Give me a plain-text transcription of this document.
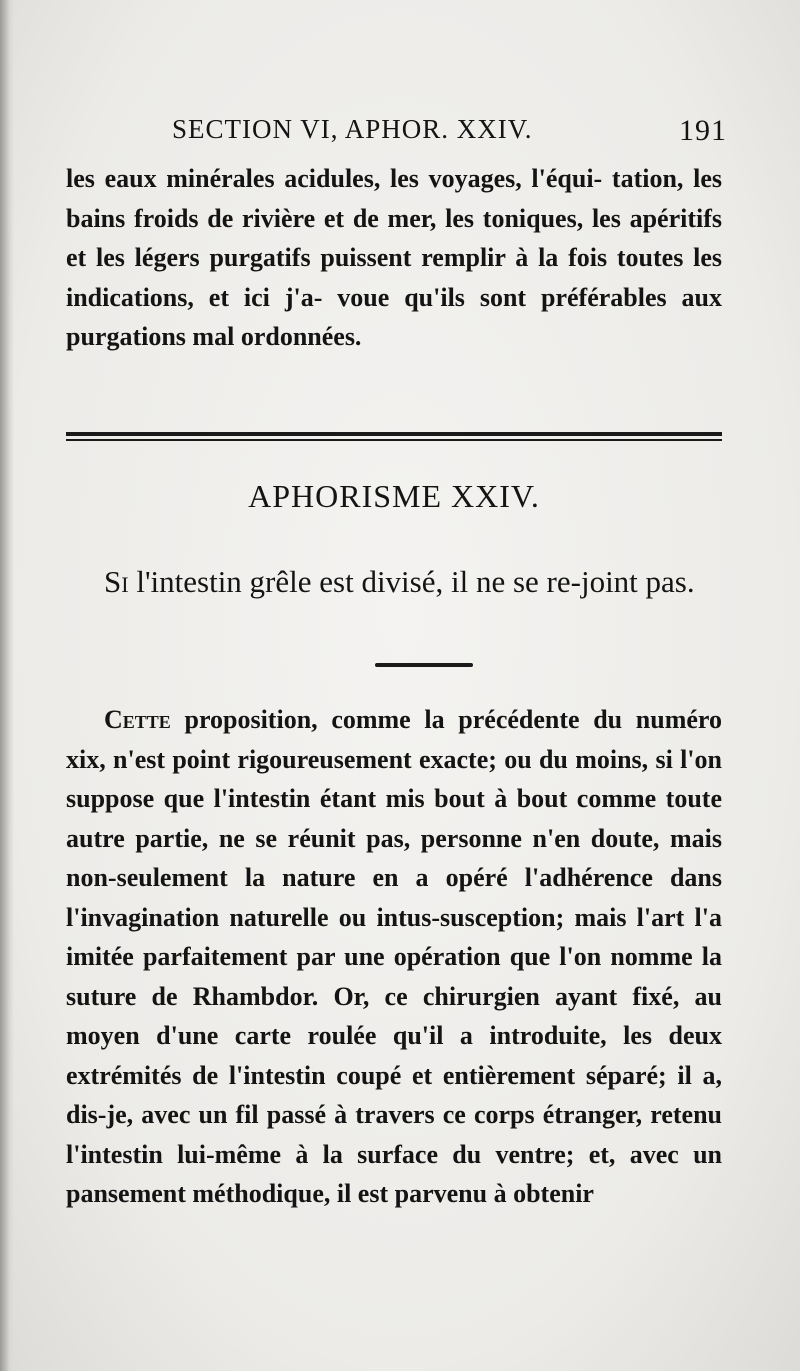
SECTION VI, APHOR. XXIV.	191
les eaux minérales acidules, les voyages, l'équi- tation, les bains froids de rivière et de mer, les toniques, les apéritifs et les légers purgatifs puissent remplir à la fois toutes les indications, et ici j'a- voue qu'ils sont préférables aux purgations mal ordonnées.
APHORISME XXIV.
Si l'intestin grêle est divisé, il ne se re-joint pas.
Cette proposition, comme la précédente du numéro xix, n'est point rigoureusement exacte; ou du moins, si l'on suppose que l'intestin étant mis bout à bout comme toute autre partie, ne se réunit pas, personne n'en doute, mais non-seulement la nature en a opéré l'adhérence dans l'invagination naturelle ou intus-susception; mais l'art l'a imitée parfaitement par une opération que l'on nomme la suture de Rhambdor. Or, ce chirurgien ayant fixé, au moyen d'une carte roulée qu'il a introduite, les deux extrémités de l'intestin coupé et entièrement séparé; il a, dis-je, avec un fil passé à travers ce corps étranger, retenu l'intestin lui-même à la surface du ventre; et, avec un pansement méthodique, il est parvenu à obtenir
